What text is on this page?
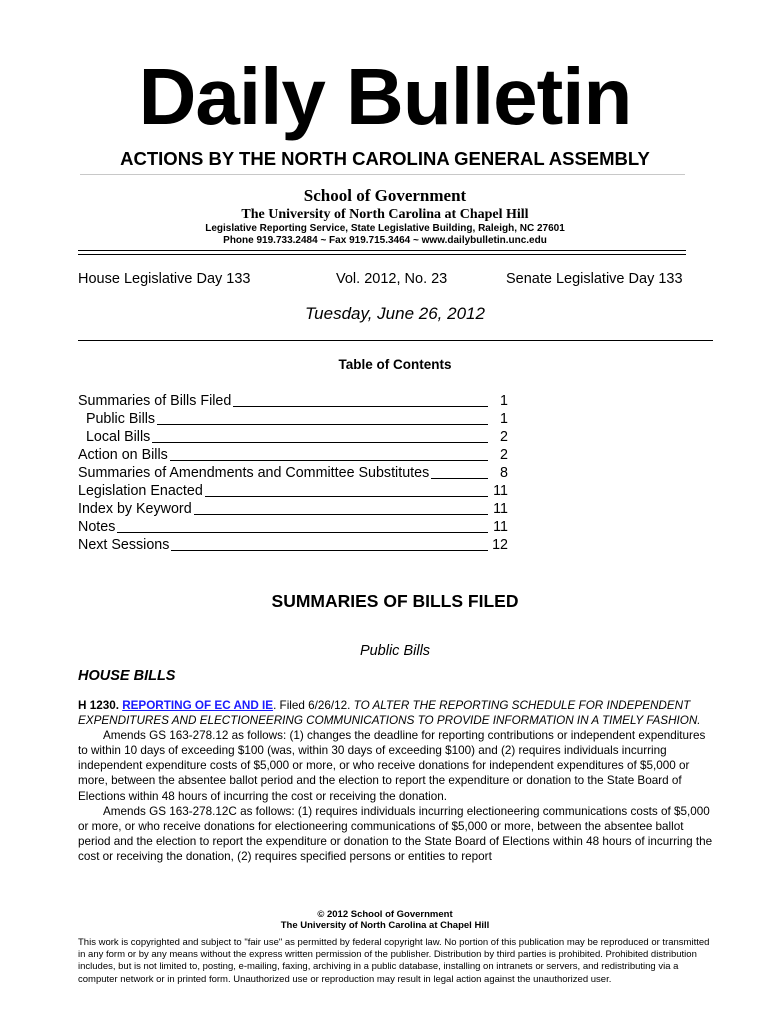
Daily Bulletin
ACTIONS BY THE NORTH CAROLINA GENERAL ASSEMBLY
School of Government
The University of North Carolina at Chapel Hill
Legislative Reporting Service, State Legislative Building, Raleigh, NC 27601
Phone 919.733.2484 ~ Fax 919.715.3464 ~ www.dailybulletin.unc.edu
House Legislative Day 133	Vol. 2012, No. 23	Senate Legislative Day 133
Tuesday, June 26, 2012
Table of Contents
Summaries of Bills Filed	1
Public Bills	1
Local Bills	2
Action on Bills	2
Summaries of Amendments and Committee Substitutes	8
Legislation Enacted	11
Index by Keyword	11
Notes	11
Next Sessions	12
SUMMARIES OF BILLS FILED
Public Bills
HOUSE BILLS

H 1230. REPORTING OF EC AND IE. Filed 6/26/12. TO ALTER THE REPORTING SCHEDULE FOR INDEPENDENT EXPENDITURES AND ELECTIONEERING COMMUNICATIONS TO PROVIDE INFORMATION IN A TIMELY FASHION.

Amends GS 163-278.12 as follows: (1) changes the deadline for reporting contributions or independent expenditures to within 10 days of exceeding $100 (was, within 30 days of exceeding $100) and (2) requires individuals incurring independent expenditure costs of $5,000 or more, or who receive donations for independent expenditures of $5,000 or more, between the absentee ballot period and the election to report the expenditure or donation to the State Board of Elections within 48 hours of incurring the cost or receiving the donation.

Amends GS 163-278.12C as follows: (1) requires individuals incurring electioneering communications costs of $5,000 or more, or who receive donations for electioneering communications of $5,000 or more, between the absentee ballot period and the election to report the expenditure or donation to the State Board of Elections within 48 hours of incurring the cost or receiving the donation, (2) requires specified persons or entities to report

© 2012 School of Government
The University of North Carolina at Chapel Hill
This work is copyrighted and subject to "fair use" as permitted by federal copyright law. No portion of this publication may be reproduced or transmitted in any form or by any means without the express written permission of the publisher. Distribution by third parties is prohibited. Prohibited distribution includes, but is not limited to, posting, e-mailing, faxing, archiving in a public database, installing on intranets or servers, and redistributing via a computer network or in printed form. Unauthorized use or reproduction may result in legal action against the unauthorized user.
